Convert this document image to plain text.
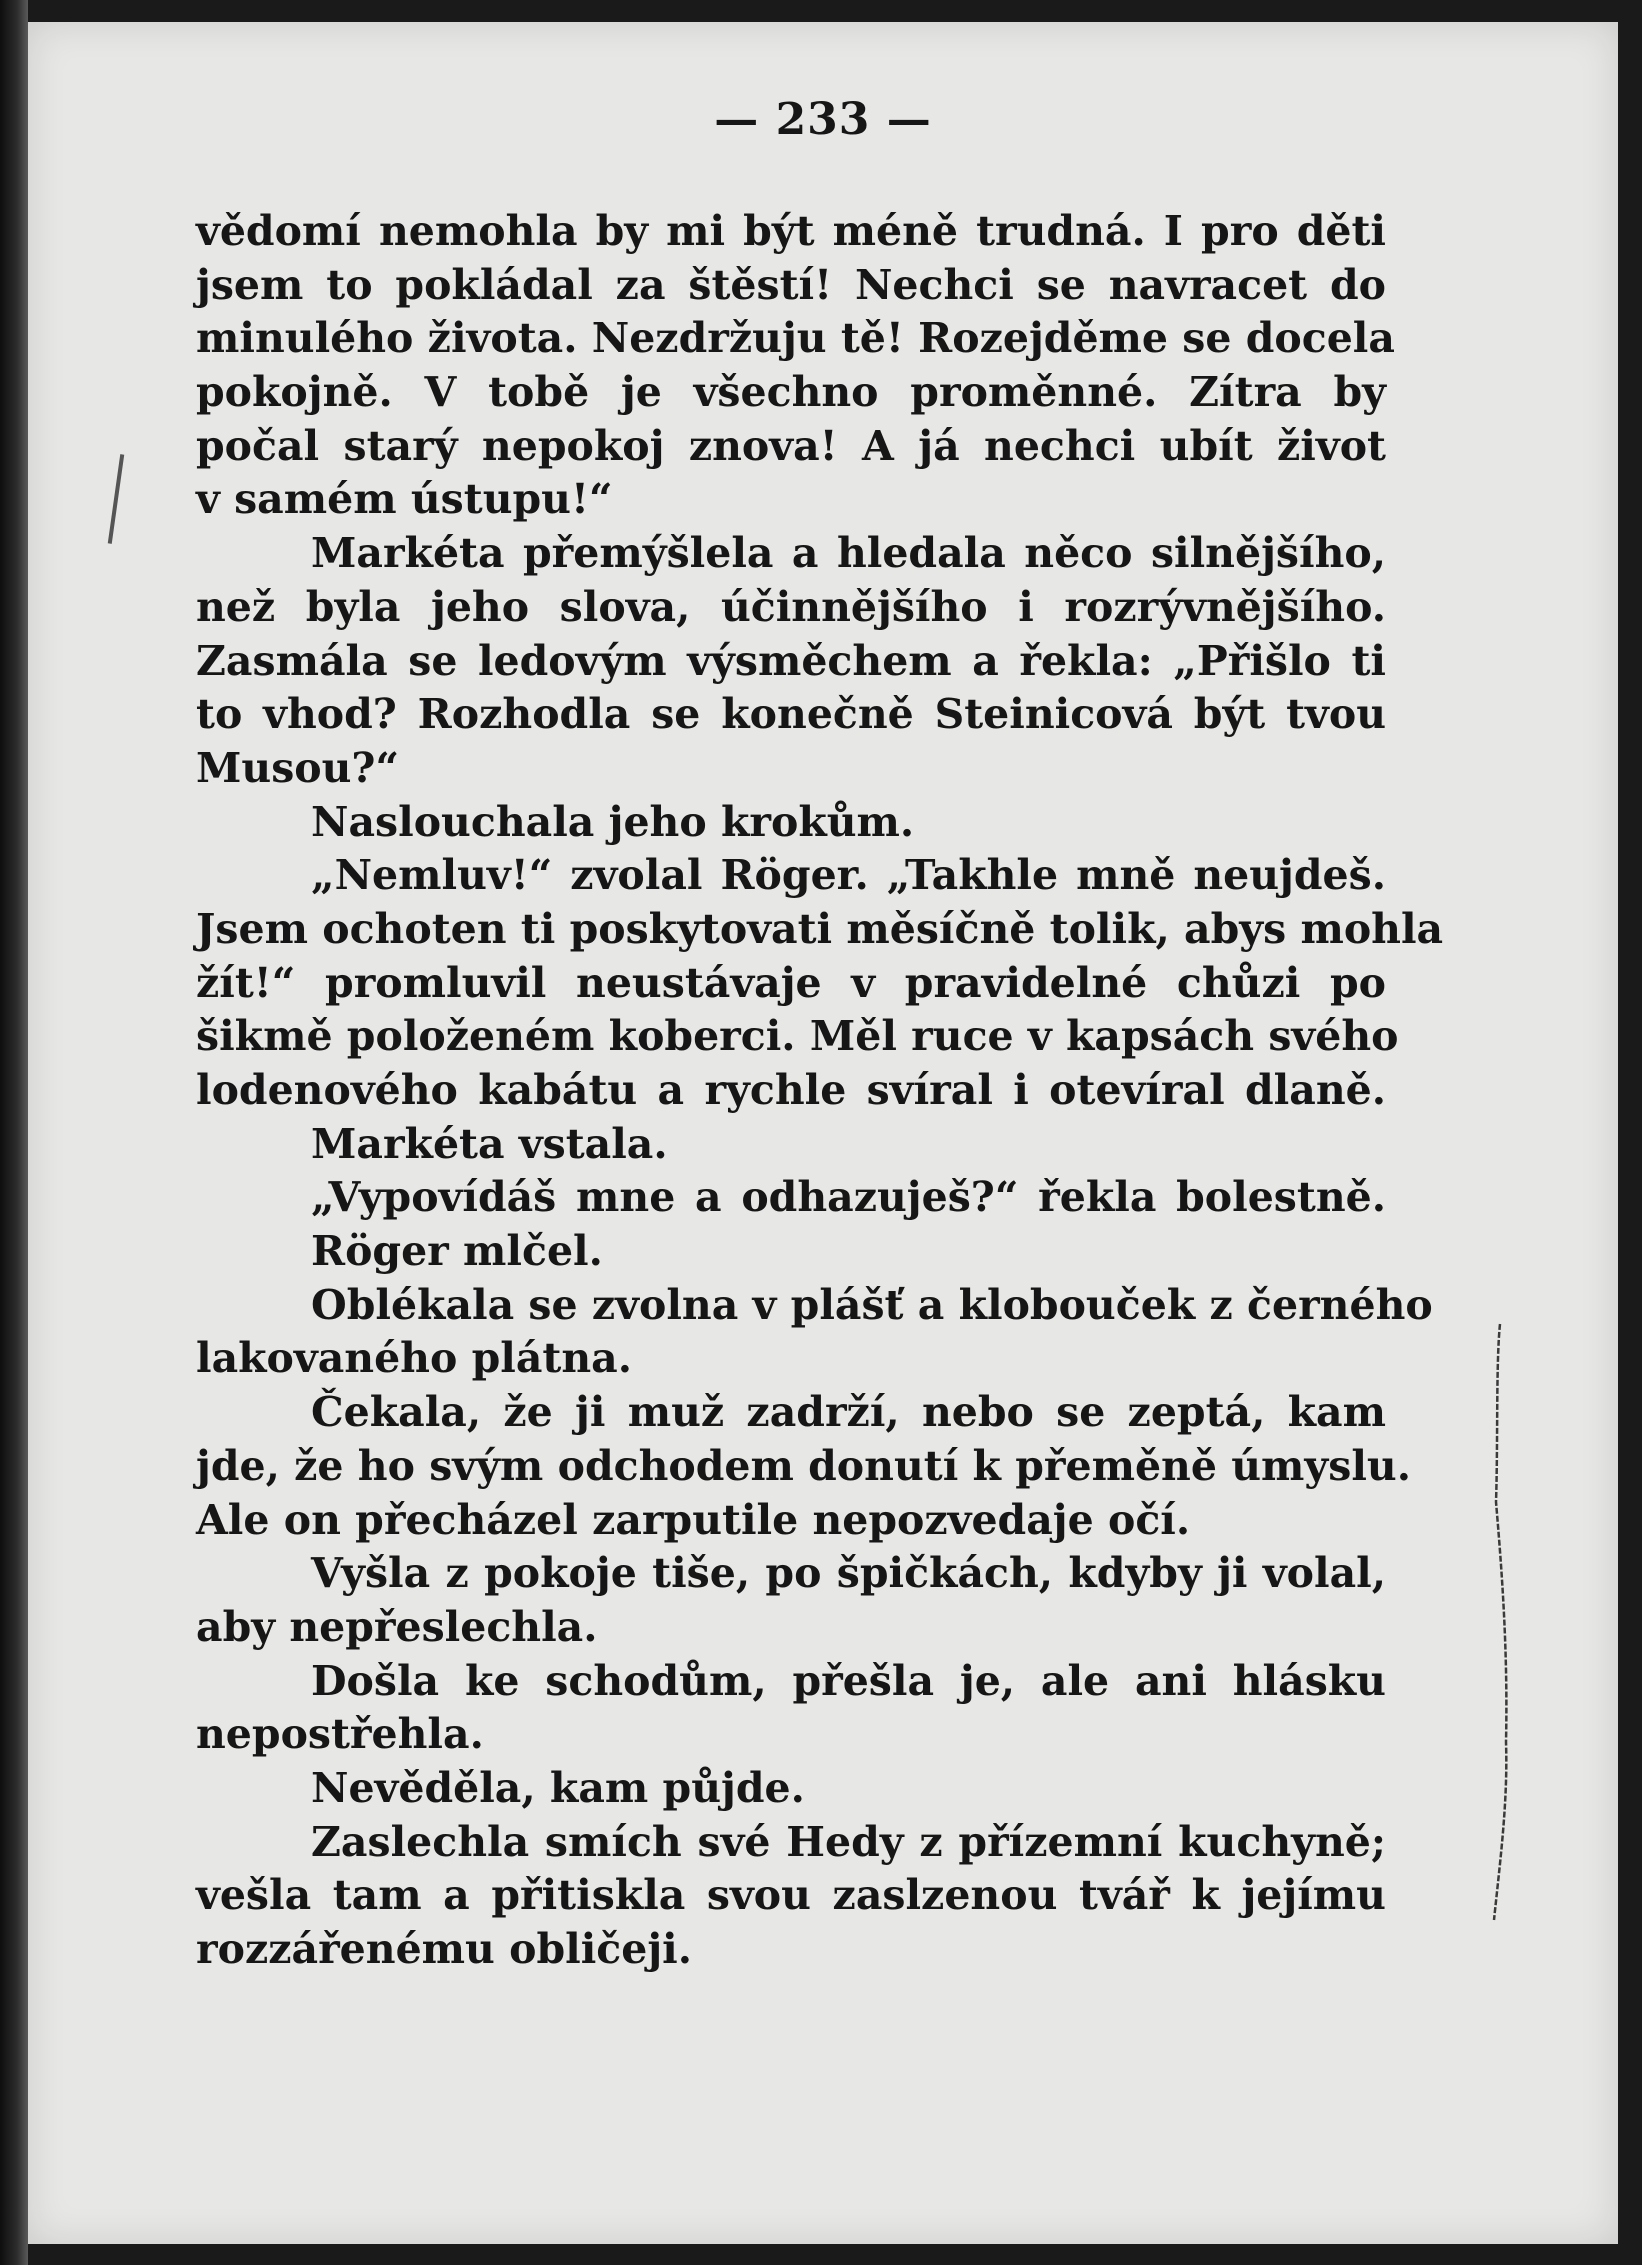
— 233 —
vědomí nemohla by mi být méně trudná. I pro děti
jsem to pokládal za štěstí! Nechci se navracet do
minulého života. Nezdržuju tě! Rozejděme se docela
pokojně. V tobě je všechno proměnné. Zítra by
počal starý nepokoj znova! A já nechci ubít život
v samém ústupu!“
Markéta přemýšlela a hledala něco silnějšího,
než byla jeho slova, účinnějšího i rozrývnějšího.
Zasmála se ledovým výsměchem a řekla: „Přišlo ti
to vhod? Rozhodla se konečně Steinicová být tvou
Musou?“
Naslouchala jeho krokům.
„Nemluv!“ zvolal Röger. „Takhle mně neujdeš.
Jsem ochoten ti poskytovati měsíčně tolik, abys mohla
žít!“ promluvil neustávaje v pravidelné chůzi po
šikmě položeném koberci. Měl ruce v kapsách svého
lodenového kabátu a rychle svíral i otevíral dlaně.
Markéta vstala.
„Vypovídáš mne a odhazuješ?“ řekla bolestně.
Röger mlčel.
Oblékala se zvolna v plášť a klobouček z černého
lakovaného plátna.
Čekala, že ji muž zadrží, nebo se zeptá, kam
jde, že ho svým odchodem donutí k přeměně úmyslu.
Ale on přecházel zarputile nepozvedaje očí.
Vyšla z pokoje tiše, po špičkách, kdyby ji volal,
aby nepřeslechla.
Došla ke schodům, přešla je, ale ani hlásku
nepostřehla.
Nevěděla, kam půjde.
Zaslechla smích své Hedy z přízemní kuchyně;
vešla tam a přitiskla svou zaslzenou tvář k jejímu
rozzářenému obličeji.
